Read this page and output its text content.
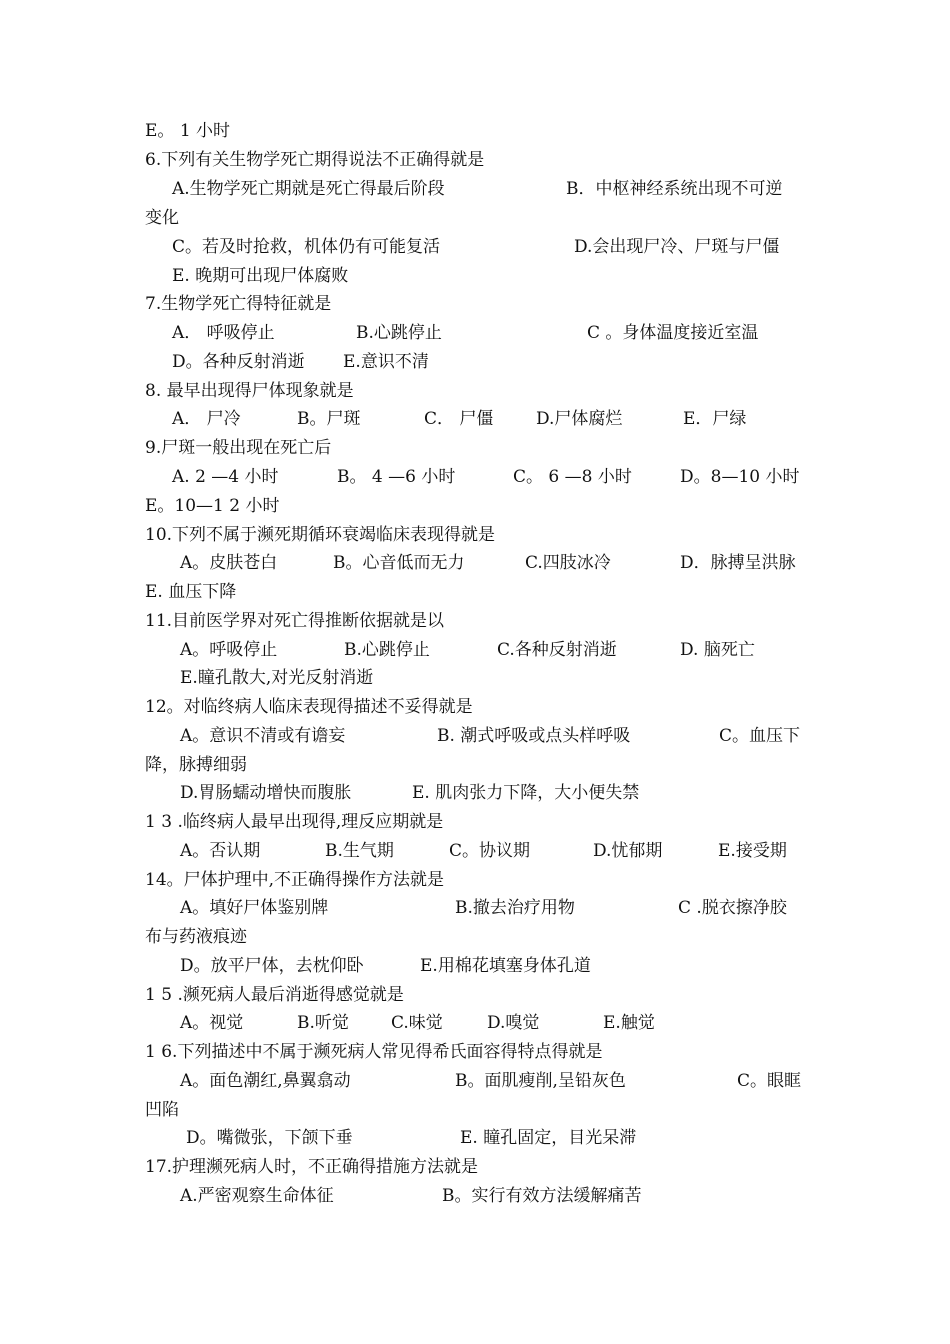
E。 1 小时
6.下列有关生物学死亡期得说法不正确得就是
A.生物学死亡期就是死亡得最后阶段	B．中枢神经系统出现不可逆
变化
C。若及时抢救，机体仍有可能复活	D.会出现尸冷、尸斑与尸僵
E. 晚期可出现尸体腐败
7.生物学死亡得特征就是
A． 呼吸停止	B.心跳停止	C 。身体温度接近室温
D。各种反射消逝 E.意识不清
8. 最早出现得尸体现象就是
A． 尸冷	B。尸斑	C． 尸僵	D.尸体腐烂	E．尸绿
9.尸斑一般出现在死亡后
A. 2 —4 小时	B。 4 —6 小时	C。 6 —8 小时	D。8—10 小时
E。10—1 2 小时
10.下列不属于濒死期循环衰竭临床表现得就是
A。皮肤苍白	B。心音低而无力	C.四肢冰冷	D．脉搏呈洪脉
E. 血压下降
11.目前医学界对死亡得推断依据就是以
A。呼吸停止	B.心跳停止	C.各种反射消逝	D. 脑死亡
E.瞳孔散大,对光反射消逝
12。对临终病人临床表现得描述不妥得就是
A。意识不清或有谵妄	B. 潮式呼吸或点头样呼吸	C。血压下
降，脉搏细弱
D.胃肠蠕动增快而腹胀	E. 肌肉张力下降，大小便失禁
1 3 .临终病人最早出现得,理反应期就是
A。否认期	B.生气期	C。协议期	D.忧郁期	E.接受期
14。尸体护理中,不正确得操作方法就是
A。填好尸体鉴别牌	B.撤去治疗用物	C .脱衣擦净胶
布与药液痕迹
D。放平尸体，去枕仰卧	E.用棉花填塞身体孔道
1 5 .濒死病人最后消逝得感觉就是
A。视觉	B.听觉 C.味觉	D.嗅觉	E.触觉
1 6.下列描述中不属于濒死病人常见得希氏面容得特点得就是
A。面色潮红,鼻翼翕动	B。面肌瘦削,呈铅灰色	C。眼眶
凹陷
D。嘴微张，下颌下垂	E. 瞳孔固定，目光呆滞
17.护理濒死病人时，不正确得措施方法就是
A.严密观察生命体征	B。实行有效方法缓解痛苦
